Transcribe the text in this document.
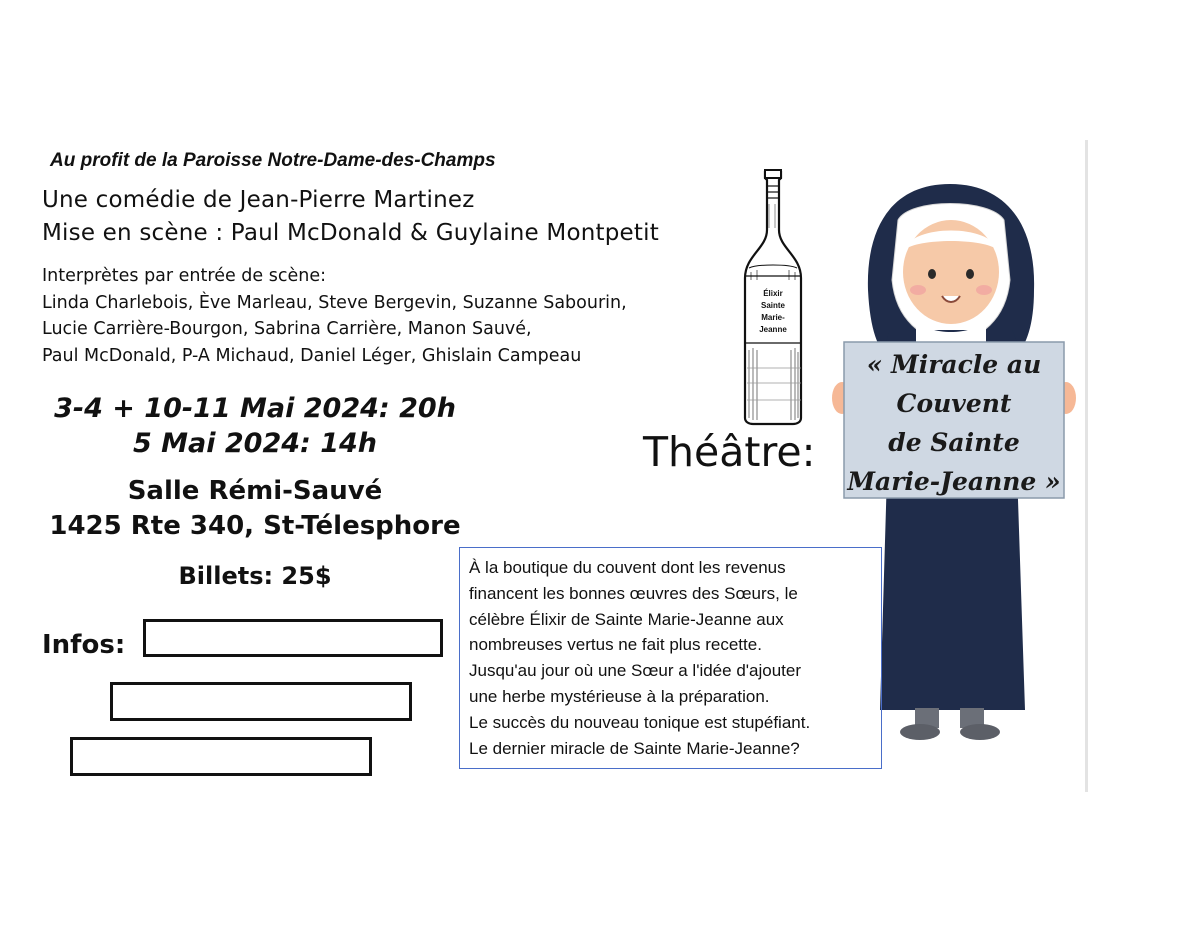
Au profit de la Paroisse Notre-Dame-des-Champs
Une comédie de Jean-Pierre Martinez
Mise en scène : Paul McDonald & Guylaine Montpetit
Interprètes par entrée de scène:
Linda Charlebois, Ève Marleau, Steve Bergevin, Suzanne Sabourin,
Lucie Carrière-Bourgon, Sabrina Carrière, Manon Sauvé,
Paul McDonald, P-A Michaud, Daniel Léger, Ghislain Campeau
3-4 + 10-11 Mai 2024: 20h
5 Mai 2024: 14h
Salle Rémi-Sauvé
1425 Rte 340, St-Télesphore
Billets: 25$
Infos:
Élixir
Sainte
Marie-
Jeanne
Théâtre:
« Miracle au
Couvent
de Sainte
Marie-Jeanne »
À la boutique du couvent dont les revenus
financent les bonnes œuvres des Sœurs, le
célèbre Élixir de Sainte Marie-Jeanne aux
nombreuses vertus ne fait plus recette.
Jusqu'au jour où une Sœur a l'idée d'ajouter
une herbe mystérieuse à la préparation.
Le succès du nouveau tonique est stupéfiant.
Le dernier miracle de Sainte Marie-Jeanne?
